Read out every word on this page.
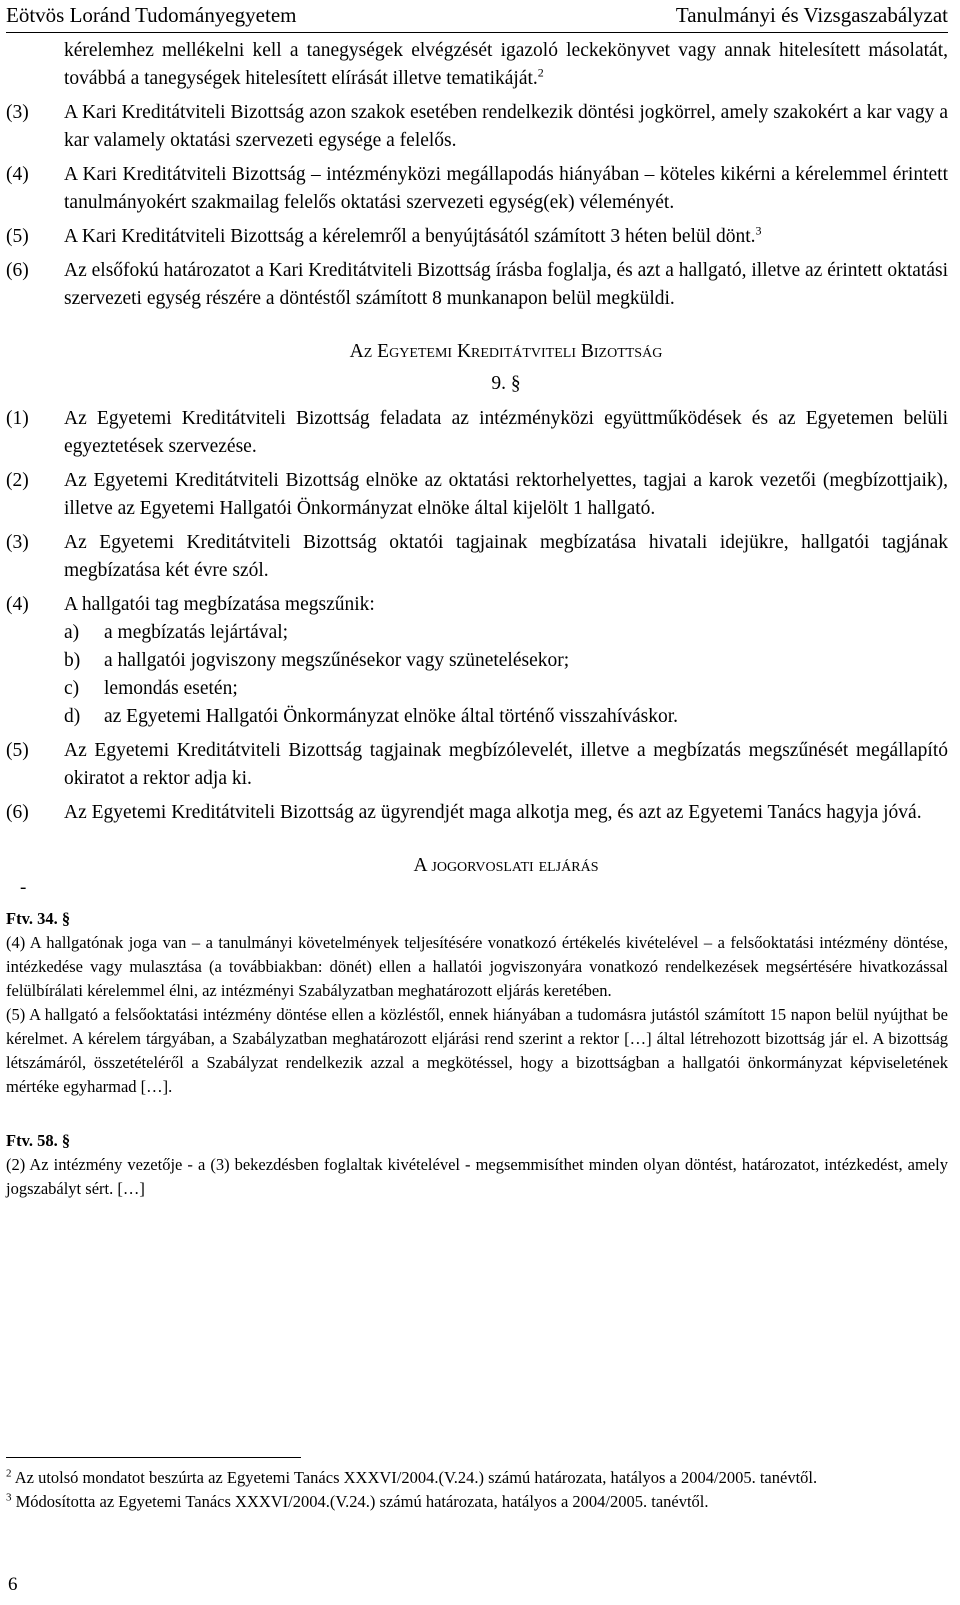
Eötvös Loránd Tudományegyetem	Tanulmányi és Vizsgaszabályzat

kérelemhez mellékelni kell a tanegységek elvégzését igazoló leckekönyvet vagy annak hitelesített másolatát, továbbá a tanegységek hitelesített elírását illetve tematikáját.$^2$

(3) A Kari Kreditátviteli Bizottság azon szakok esetében rendelkezik döntési jogkörrel, amely szakokért a kar vagy a kar valamely oktatási szervezeti egysége a felelős.

(4) A Kari Kreditátviteli Bizottság – intézményközi megállapodás hiányában – köteles kikérni a kérelemmel érintett tanulmányokért szakmailag felelős oktatási szervezeti egység(ek) véleményét.

(5) A Kari Kreditátviteli Bizottság a kérelemről a benyújtásától számított 3 héten belül dönt.$^3$

(6) Az elsőfokú határozatot a Kari Kreditátviteli Bizottság írásba foglalja, és azt a hallgató, illetve az érintett oktatási szervezeti egység részére a döntéstől számított 8 munkanapon belül megküldi.

Az Egyetemi Kreditátviteli Bizottság
9. §

(1) Az Egyetemi Kreditátviteli Bizottság feladata az intézményközi együttműködések és az Egyetemen belüli egyeztetések szervezése.

(2) Az Egyetemi Kreditátviteli Bizottság elnöke az oktatási rektorhelyettes, tagjai a karok vezetői (megbízottjaik), illetve az Egyetemi Hallgatói Önkormányzat elnöke által kijelölt 1 hallgató.

(3) Az Egyetemi Kreditátviteli Bizottság oktatói tagjainak megbízatása hivatali idejükre, hallgatói tagjának megbízatása két évre szól.

(4) A hallgatói tag megbízatása megszűnik:

a) a megbízatás lejártával;
b) a hallgatói jogviszony megszűnésekor vagy szünetelésekor;
c) lemondás esetén;
d) az Egyetemi Hallgatói Önkormányzat elnöke által történő visszahíváskor.

(5) Az Egyetemi Kreditátviteli Bizottság tagjainak megbízólevelét, illetve a megbízatás megszűnését megállapító okiratot a rektor adja ki.

(6) Az Egyetemi Kreditátviteli Bizottság az ügyrendjét maga alkotja meg, és azt az Egyetemi Tanács hagyja jóvá.

A jogorvoslati eljárás
-
Ftv. 34. §
(4) A hallgatónak joga van – a tanulmányi követelmények teljesítésére vonatkozó értékelés kivételével – a felsőoktatási intézmény döntése, intézkedése vagy mulasztása (a továbbiakban: dönét) ellen a hallatói jogviszonyára vonatkozó rendelkezések megsértésére hivatkozással felülbírálati kérelemmel élni, az intézményi Szabályzatban meghatározott eljárás keretében.
(5) A hallgató a felsőoktatási intézmény döntése ellen a közléstől, ennek hiányában a tudomásra jutástól számított 15 napon belül nyújthat be kérelmet. A kérelem tárgyában, a Szabályzatban meghatározott eljárási rend szerint a rektor […] által létrehozott bizottság jár el. A bizottság létszámáról, összetételéről a Szabályzat rendelkezik azzal a megkötéssel, hogy a bizottságban a hallgatói önkormányzat képviseletének mértéke egyharmad […].
Ftv. 58. §
(2) Az intézmény vezetője - a (3) bekezdésben foglaltak kivételével - megsemmisíthet minden olyan döntést, határozatot, intézkedést, amely jogszabályt sért. […]
$^2$ Az utolsó mondatot beszúrta az Egyetemi Tanács XXXVI/2004.(V.24.) számú határozata, hatályos a 2004/2005. tanévtől.
$^3$ Módosította az Egyetemi Tanács XXXVI/2004.(V.24.) számú határozata, hatályos a 2004/2005. tanévtől.
6
